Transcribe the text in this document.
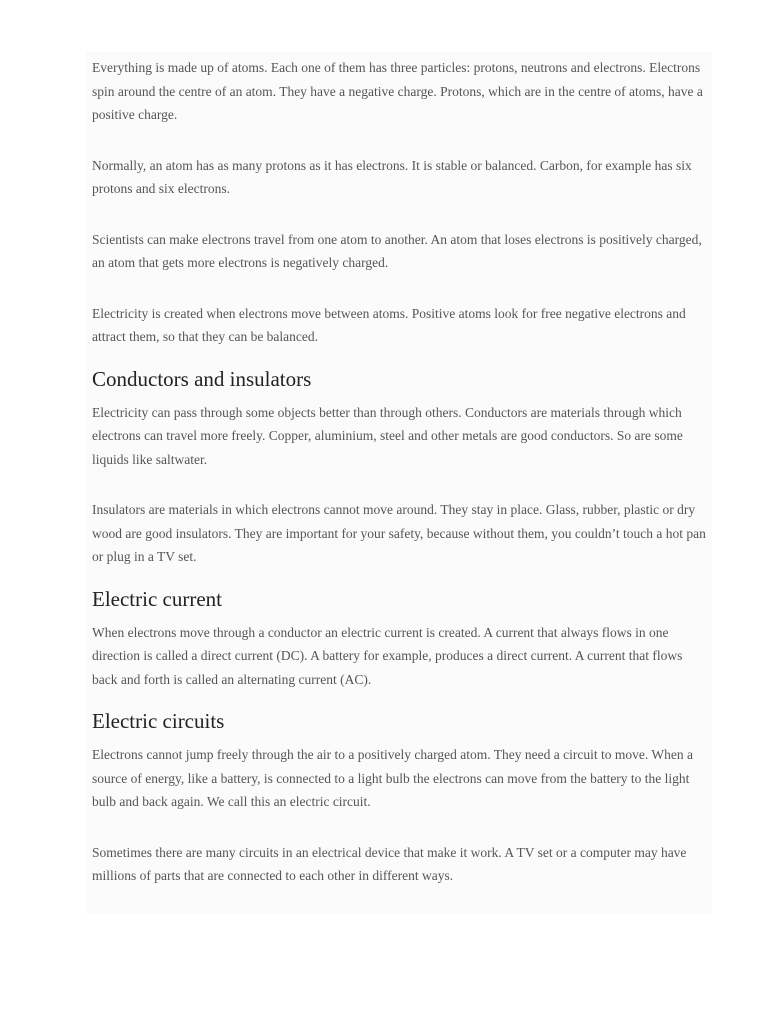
Everything is made up of atoms. Each one of them has three particles: protons, neutrons and electrons. Electrons spin around the centre of an atom. They have a negative charge. Protons, which are in the centre of atoms, have a positive charge.

Normally, an atom has as many protons as it has electrons. It is stable or balanced. Carbon, for example has six protons and six electrons.

Scientists can make electrons travel from one atom to another. An atom that loses electrons is positively charged, an atom that gets more electrons is negatively charged.

Electricity is created when electrons move between atoms. Positive atoms look for free negative electrons and attract them, so that they can be balanced.

Conductors and insulators

Electricity can pass through some objects better than through others. Conductors are materials through which electrons can travel more freely. Copper, aluminium, steel and other metals are good conductors. So are some liquids like saltwater.

Insulators are materials in which electrons cannot move around. They stay in place. Glass, rubber, plastic or dry wood are good insulators. They are important for your safety, because without them, you couldn’t touch a hot pan or plug in a TV set.

Electric current

When electrons move through a conductor an electric current is created. A current that always flows in one direction is called a direct current (DC). A battery for example, produces a direct current. A current that flows back and forth is called an alternating current (AC).

Electric circuits

Electrons cannot jump freely through the air to a positively charged atom. They need a circuit to move. When a source of energy, like a battery, is connected to a light bulb the electrons can move from the battery to the light bulb and back again. We call this an electric circuit.

Sometimes there are many circuits in an electrical device that make it work. A TV set or a computer may have millions of parts that are connected to each other in different ways.
